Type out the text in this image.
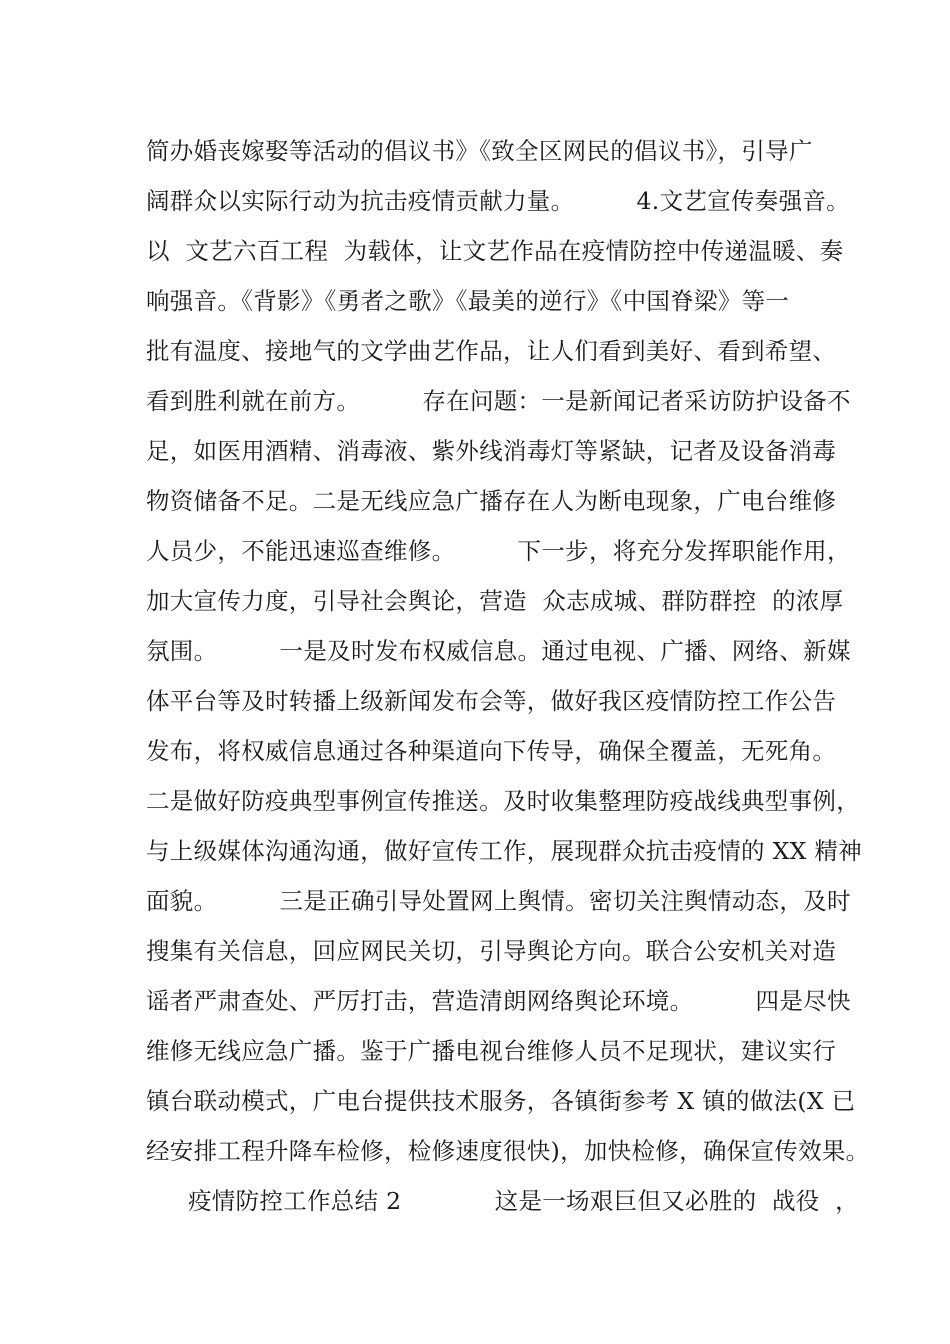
简办婚丧嫁娶等活动的倡议书》《致全区网民的倡议书》，引导广
阔群众以实际行动为抗击疫情贡献力量。        4.文艺宣传奏强音。
以  文艺六百工程  为载体，让文艺作品在疫情防控中传递温暖、奏
响强音。《背影》《勇者之歌》《最美的逆行》《中国脊梁》等一
批有温度、接地气的文学曲艺作品，让人们看到美好、看到希望、
看到胜利就在前方。        存在问题：一是新闻记者采访防护设备不
足，如医用酒精、消毒液、紫外线消毒灯等紧缺，记者及设备消毒
物资储备不足。二是无线应急广播存在人为断电现象，广电台维修
人员少，不能迅速巡查维修。        下一步，将充分发挥职能作用，
加大宣传力度，引导社会舆论，营造  众志成城、群防群控  的浓厚
氛围。        一是及时发布权威信息。通过电视、广播、网络、新媒
体平台等及时转播上级新闻发布会等，做好我区疫情防控工作公告
发布，将权威信息通过各种渠道向下传导，确保全覆盖，无死角。
二是做好防疫典型事例宣传推送。及时收集整理防疫战线典型事例，
与上级媒体沟通沟通，做好宣传工作，展现群众抗击疫情的 XX 精神
面貌。        三是正确引导处置网上舆情。密切关注舆情动态，及时
搜集有关信息，回应网民关切，引导舆论方向。联合公安机关对造
谣者严肃查处、严厉打击，营造清朗网络舆论环境。        四是尽快
维修无线应急广播。鉴于广播电视台维修人员不足现状，建议实行
镇台联动模式，广电台提供技术服务，各镇街参考 X 镇的做法(X 已
经安排工程升降车检修，检修速度很快)，加快检修，确保宣传效果。
疫情防控工作总结 2            这是一场艰巨但又必胜的  战役  ，
